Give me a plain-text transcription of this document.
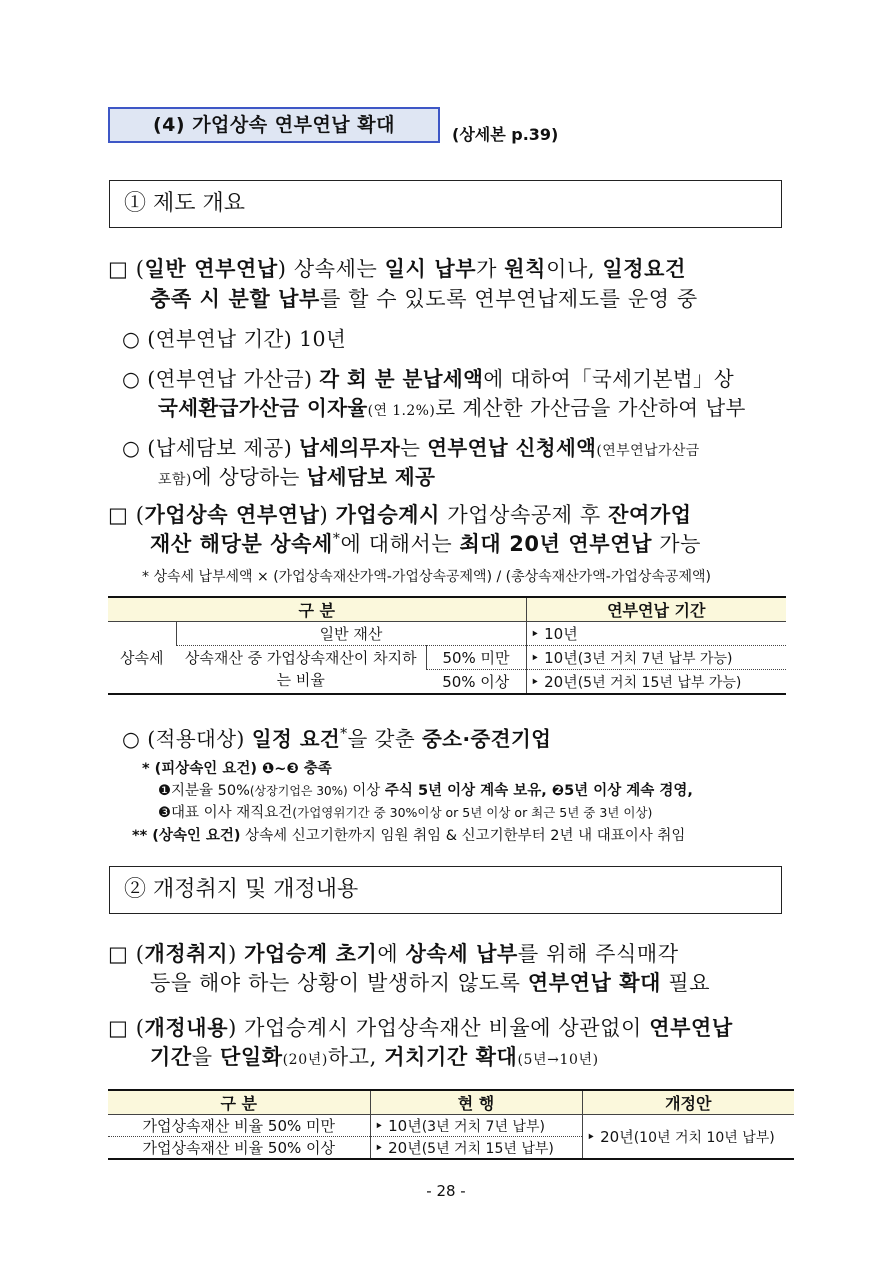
(4) 가업상속 연부연납 확대	(상세본 p.39)
① 제도 개요
□ (일반 연부연납) 상속세는 일시 납부가 원칙이나, 일정요건
충족 시 분할 납부를 할 수 있도록 연부연납제도를 운영 중
○ (연부연납 기간) 10년
○ (연부연납 가산금) 각 회 분 분납세액에 대하여「국세기본법」상
국세환급가산금 이자율(연 1.2%)로 계산한 가산금을 가산하여 납부
○ (납세담보 제공) 납세의무자는 연부연납 신청세액(연부연납가산금
포함)에 상당하는 납세담보 제공
□ (가업상속 연부연납) 가업승계시 가업상속공제 후 잔여가업
재산 해당분 상속세*에 대해서는 최대 20년 연부연납 가능
* 상속세 납부세액 × (가업상속재산가액-가업상속공제액) / (총상속재산가액-가업상속공제액)
구 분			연부연납 기간
상속세	일반 재산		‣ 10년
	상속재산 중 가업상속재산이 차지하는 비율	50% 미만	‣ 10년(3년 거치 7년 납부 가능)
		50% 이상	‣ 20년(5년 거치 15년 납부 가능)
○ (적용대상) 일정 요건*을 갖춘 중소·중견기업
* (피상속인 요건) ❶~❸ 충족
❶지분율 50%(상장기업은 30%) 이상 주식 5년 이상 계속 보유, ❷5년 이상 계속 경영,
❸대표 이사 재직요건(가업영위기간 중 30%이상 or 5년 이상 or 최근 5년 중 3년 이상)
** (상속인 요건) 상속세 신고기한까지 임원 취임 & 신고기한부터 2년 내 대표이사 취임
② 개정취지 및 개정내용
□ (개정취지) 가업승계 초기에 상속세 납부를 위해 주식매각
등을 해야 하는 상황이 발생하지 않도록 연부연납 확대 필요
□ (개정내용) 가업승계시 가업상속재산 비율에 상관없이 연부연납
기간을 단일화(20년)하고, 거치기간 확대(5년→10년)
구 분	현 행	개정안
가업상속재산 비율 50% 미만	‣ 10년(3년 거치 7년 납부)	‣ 20년(10년 거치 10년 납부)
가업상속재산 비율 50% 이상	‣ 20년(5년 거치 15년 납부)	
- 28 -
